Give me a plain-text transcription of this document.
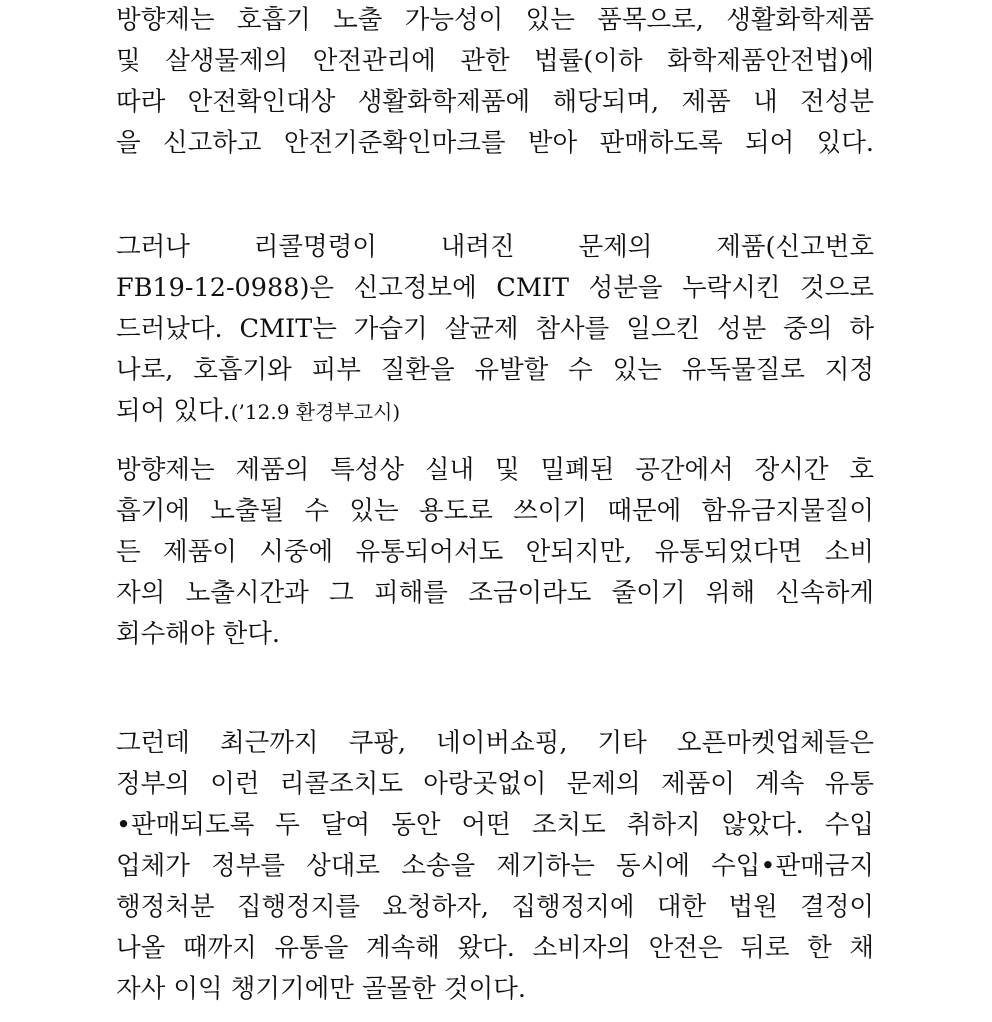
방향제는 호흡기 노출 가능성이 있는 품목으로, 생활화학제품
및 살생물제의 안전관리에 관한 법률(이하 화학제품안전법)에
따라 안전확인대상 생활화학제품에 해당되며, 제품 내 전성분
을 신고하고 안전기준확인마크를 받아 판매하도록 되어 있다.
그러나 리콜명령이 내려진 문제의 제품(신고번호
FB19-12-0988)은 신고정보에 CMIT 성분을 누락시킨 것으로
드러났다. CMIT는 가습기 살균제 참사를 일으킨 성분 중의 하
나로, 호흡기와 피부 질환을 유발할 수 있는 유독물질로 지정
되어 있다.(’12.9 환경부고시)
방향제는 제품의 특성상 실내 및 밀폐된 공간에서 장시간 호
흡기에 노출될 수 있는 용도로 쓰이기 때문에 함유금지물질이
든 제품이 시중에 유통되어서도 안되지만, 유통되었다면 소비
자의 노출시간과 그 피해를 조금이라도 줄이기 위해 신속하게
회수해야 한다.
그런데 최근까지 쿠팡, 네이버쇼핑, 기타 오픈마켓업체들은
정부의 이런 리콜조치도 아랑곳없이 문제의 제품이 계속 유통
•판매되도록 두 달여 동안 어떤 조치도 취하지 않았다. 수입
업체가 정부를 상대로 소송을 제기하는 동시에 수입•판매금지
행정처분 집행정지를 요청하자, 집행정지에 대한 법원 결정이
나올 때까지 유통을 계속해 왔다. 소비자의 안전은 뒤로 한 채
자사 이익 챙기기에만 골몰한 것이다.
